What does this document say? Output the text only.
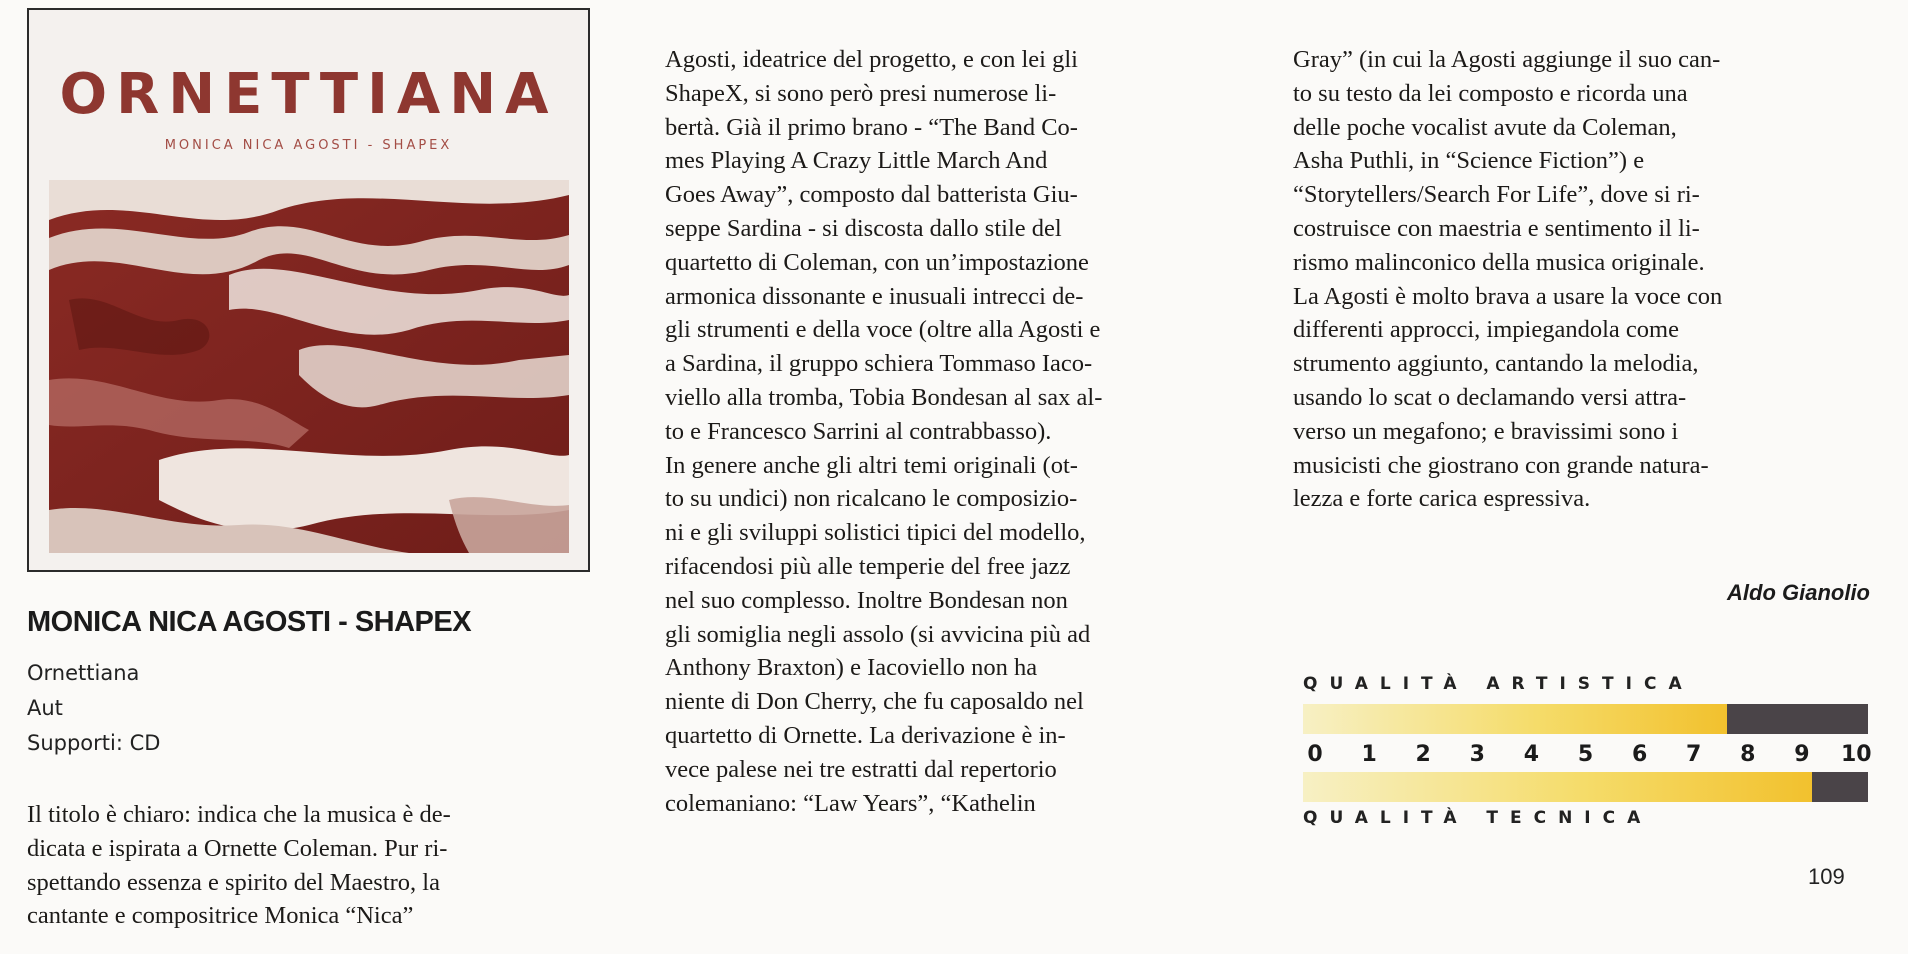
ORNETTIANA
MONICA NICA AGOSTI - SHAPEX
MONICA NICA AGOSTI - SHAPEX
Ornettiana
Aut
Supporti: CD
Il titolo è chiaro: indica che la musica è de-
dicata e ispirata a Ornette Coleman. Pur ri-
spettando essenza e spirito del Maestro, la
cantante e compositrice Monica “Nica”
Agosti, ideatrice del progetto, e con lei gli
ShapeX, si sono però presi numerose li-
bertà. Già il primo brano - “The Band Co-
mes Playing A Crazy Little March And
Goes Away”, composto dal batterista Giu-
seppe Sardina - si discosta dallo stile del
quartetto di Coleman, con un’impostazione
armonica dissonante e inusuali intrecci de-
gli strumenti e della voce (oltre alla Agosti e
a Sardina, il gruppo schiera Tommaso Iaco-
viello alla tromba, Tobia Bondesan al sax al-
to e Francesco Sarrini al contrabbasso).
In genere anche gli altri temi originali (ot-
to su undici) non ricalcano le composizio-
ni e gli sviluppi solistici tipici del modello,
rifacendosi più alle temperie del free jazz
nel suo complesso. Inoltre Bondesan non
gli somiglia negli assolo (si avvicina più ad
Anthony Braxton) e Iacoviello non ha
niente di Don Cherry, che fu caposaldo nel
quartetto di Ornette. La derivazione è in-
vece palese nei tre estratti dal repertorio
colemaniano: “Law Years”, “Kathelin
Gray” (in cui la Agosti aggiunge il suo can-
to su testo da lei composto e ricorda una
delle poche vocalist avute da Coleman,
Asha Puthli, in “Science Fiction”) e
“Storytellers/Search For Life”, dove si ri-
costruisce con maestria e sentimento il li-
rismo malinconico della musica originale.
La Agosti è molto brava a usare la voce con
differenti approcci, impiegandola come
strumento aggiunto, cantando la melodia,
usando lo scat o declamando versi attra-
verso un megafono; e bravissimi sono i
musicisti che giostrano con grande natura-
lezza e forte carica espressiva.
Aldo Gianolio
QUALITÀ ARTISTICA
0	1	2	3	4	5	6	7	8	9	10
QUALITÀ TECNICA
109
